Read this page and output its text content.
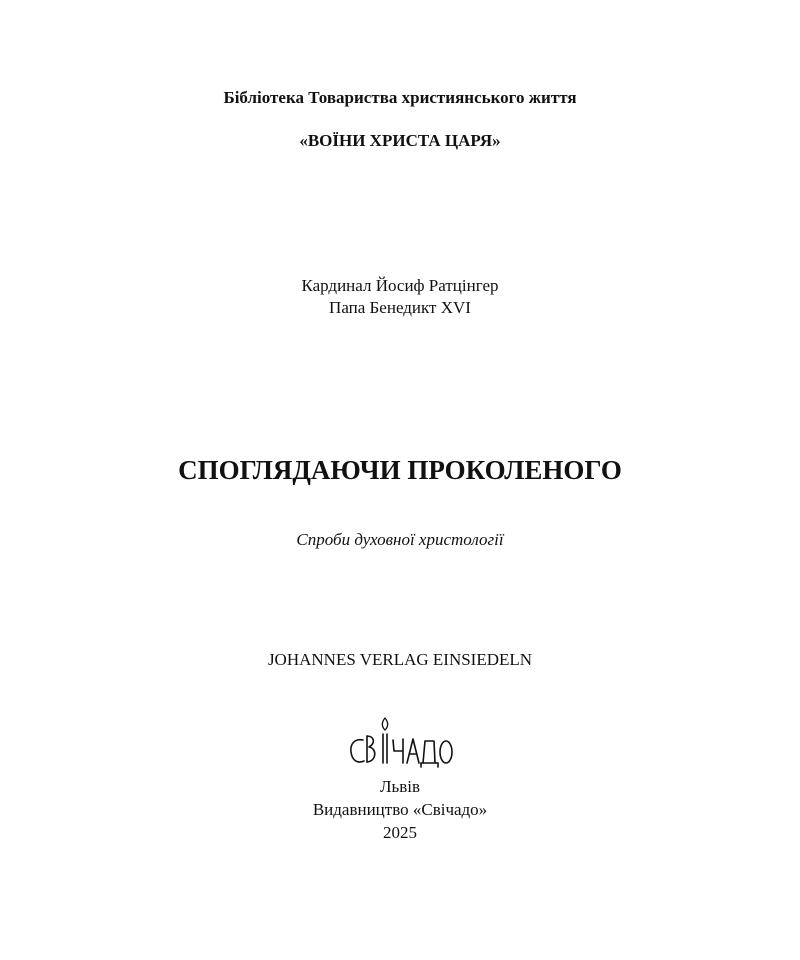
Бібліотека Товариства християнського життя
«ВОЇНИ ХРИСТА ЦАРЯ»
Кардинал Йосиф Ратцінгер
Папа Бенедикт XVI
СПОГЛЯДАЮЧИ ПРОКОЛЕНОГО
Спроби духовної христології
JOHANNES VERLAG EINSIEDELN
Львів
Видавництво «Свічадо»
2025
